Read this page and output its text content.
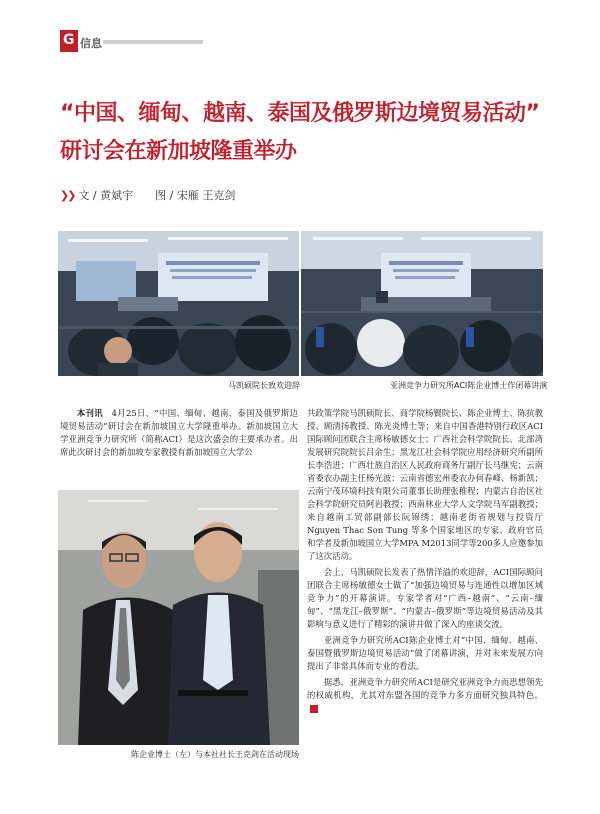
G 信息
“中国、缅甸、越南、泰国及俄罗斯边境贸易活动”
研讨会在新加坡隆重举办
❯❯ 文 / 黄斌宇　　图 / 宋雁 王克剑
马凯硕院长致欢迎辞	亚洲竞争力研究所ACI陈企业博士作闭幕讲演
陈企业博士（左）与本社社长王克剑在活动现场

本刊讯　 4月25日，“中国、缅甸、越南、泰国及俄罗斯边境贸易活动”研讨会在新加坡国立大学隆重举办。新加坡国立大学亚洲竞争力研究所（简称ACI）是这次盛会的主要承办者。出席此次研讨会的新加坡专家教授有新加坡国立大学公

共政策学院马凯硕院长、商学院杨賢院长、陈企业博士、陈抗教授、顾清扬教授、陈光炎博士等；来自中国香港特别行政区ACI国际顾问团联合主席杨敏德女士；广西社会科学院院长、北部湾发展研究院院长吕余生；黑龙江社会科学院应用经济研究所副所长李浩进；广西壮族自治区人民政府商务厅副厅长马继宪；云南省委农办副主任杨光波；云南省德宏州委农办何春峰、杨新凯；云南宁茂环境科技有限公司董事长助理张稚程；内蒙古自治区社会科学院研究员阿岩教授；西南林业大学人文学院马军副教授；来自越南工贸部副部长阮锦绣；越南老街省规划与投资厅 Nguyen Thac Son Tung 等多个国家地区的专家、政府官员和学者及新加坡国立大学MPA M2013同学等200多人应邀参加了这次活动。

会上，马凯硕院长发表了热情洋溢的欢迎辞，ACI国际顾问团联合主席杨敏德女士做了“加强边境贸易与连通性以增加区域竞争力”的开幕演讲。专家学者对“广西–越南”、“云南–缅甸”、“黑龙江–俄罗斯”、“内蒙古–俄罗斯”等边境贸易活动及其影响与意义进行了精彩的演讲并做了深入的座谈交流。

亚洲竞争力研究所ACI陈企业博士对“中国、缅甸、越南、泰国暨俄罗斯边境贸易活动”做了闭幕讲演，并对未来发展方向提出了非常具体而专业的看法。

据悉，亚洲竞争力研究所ACI是研究亚洲竞争力而思想领先的权威机构，尤其对东盟各国的竞争力多方面研究独具特色。
